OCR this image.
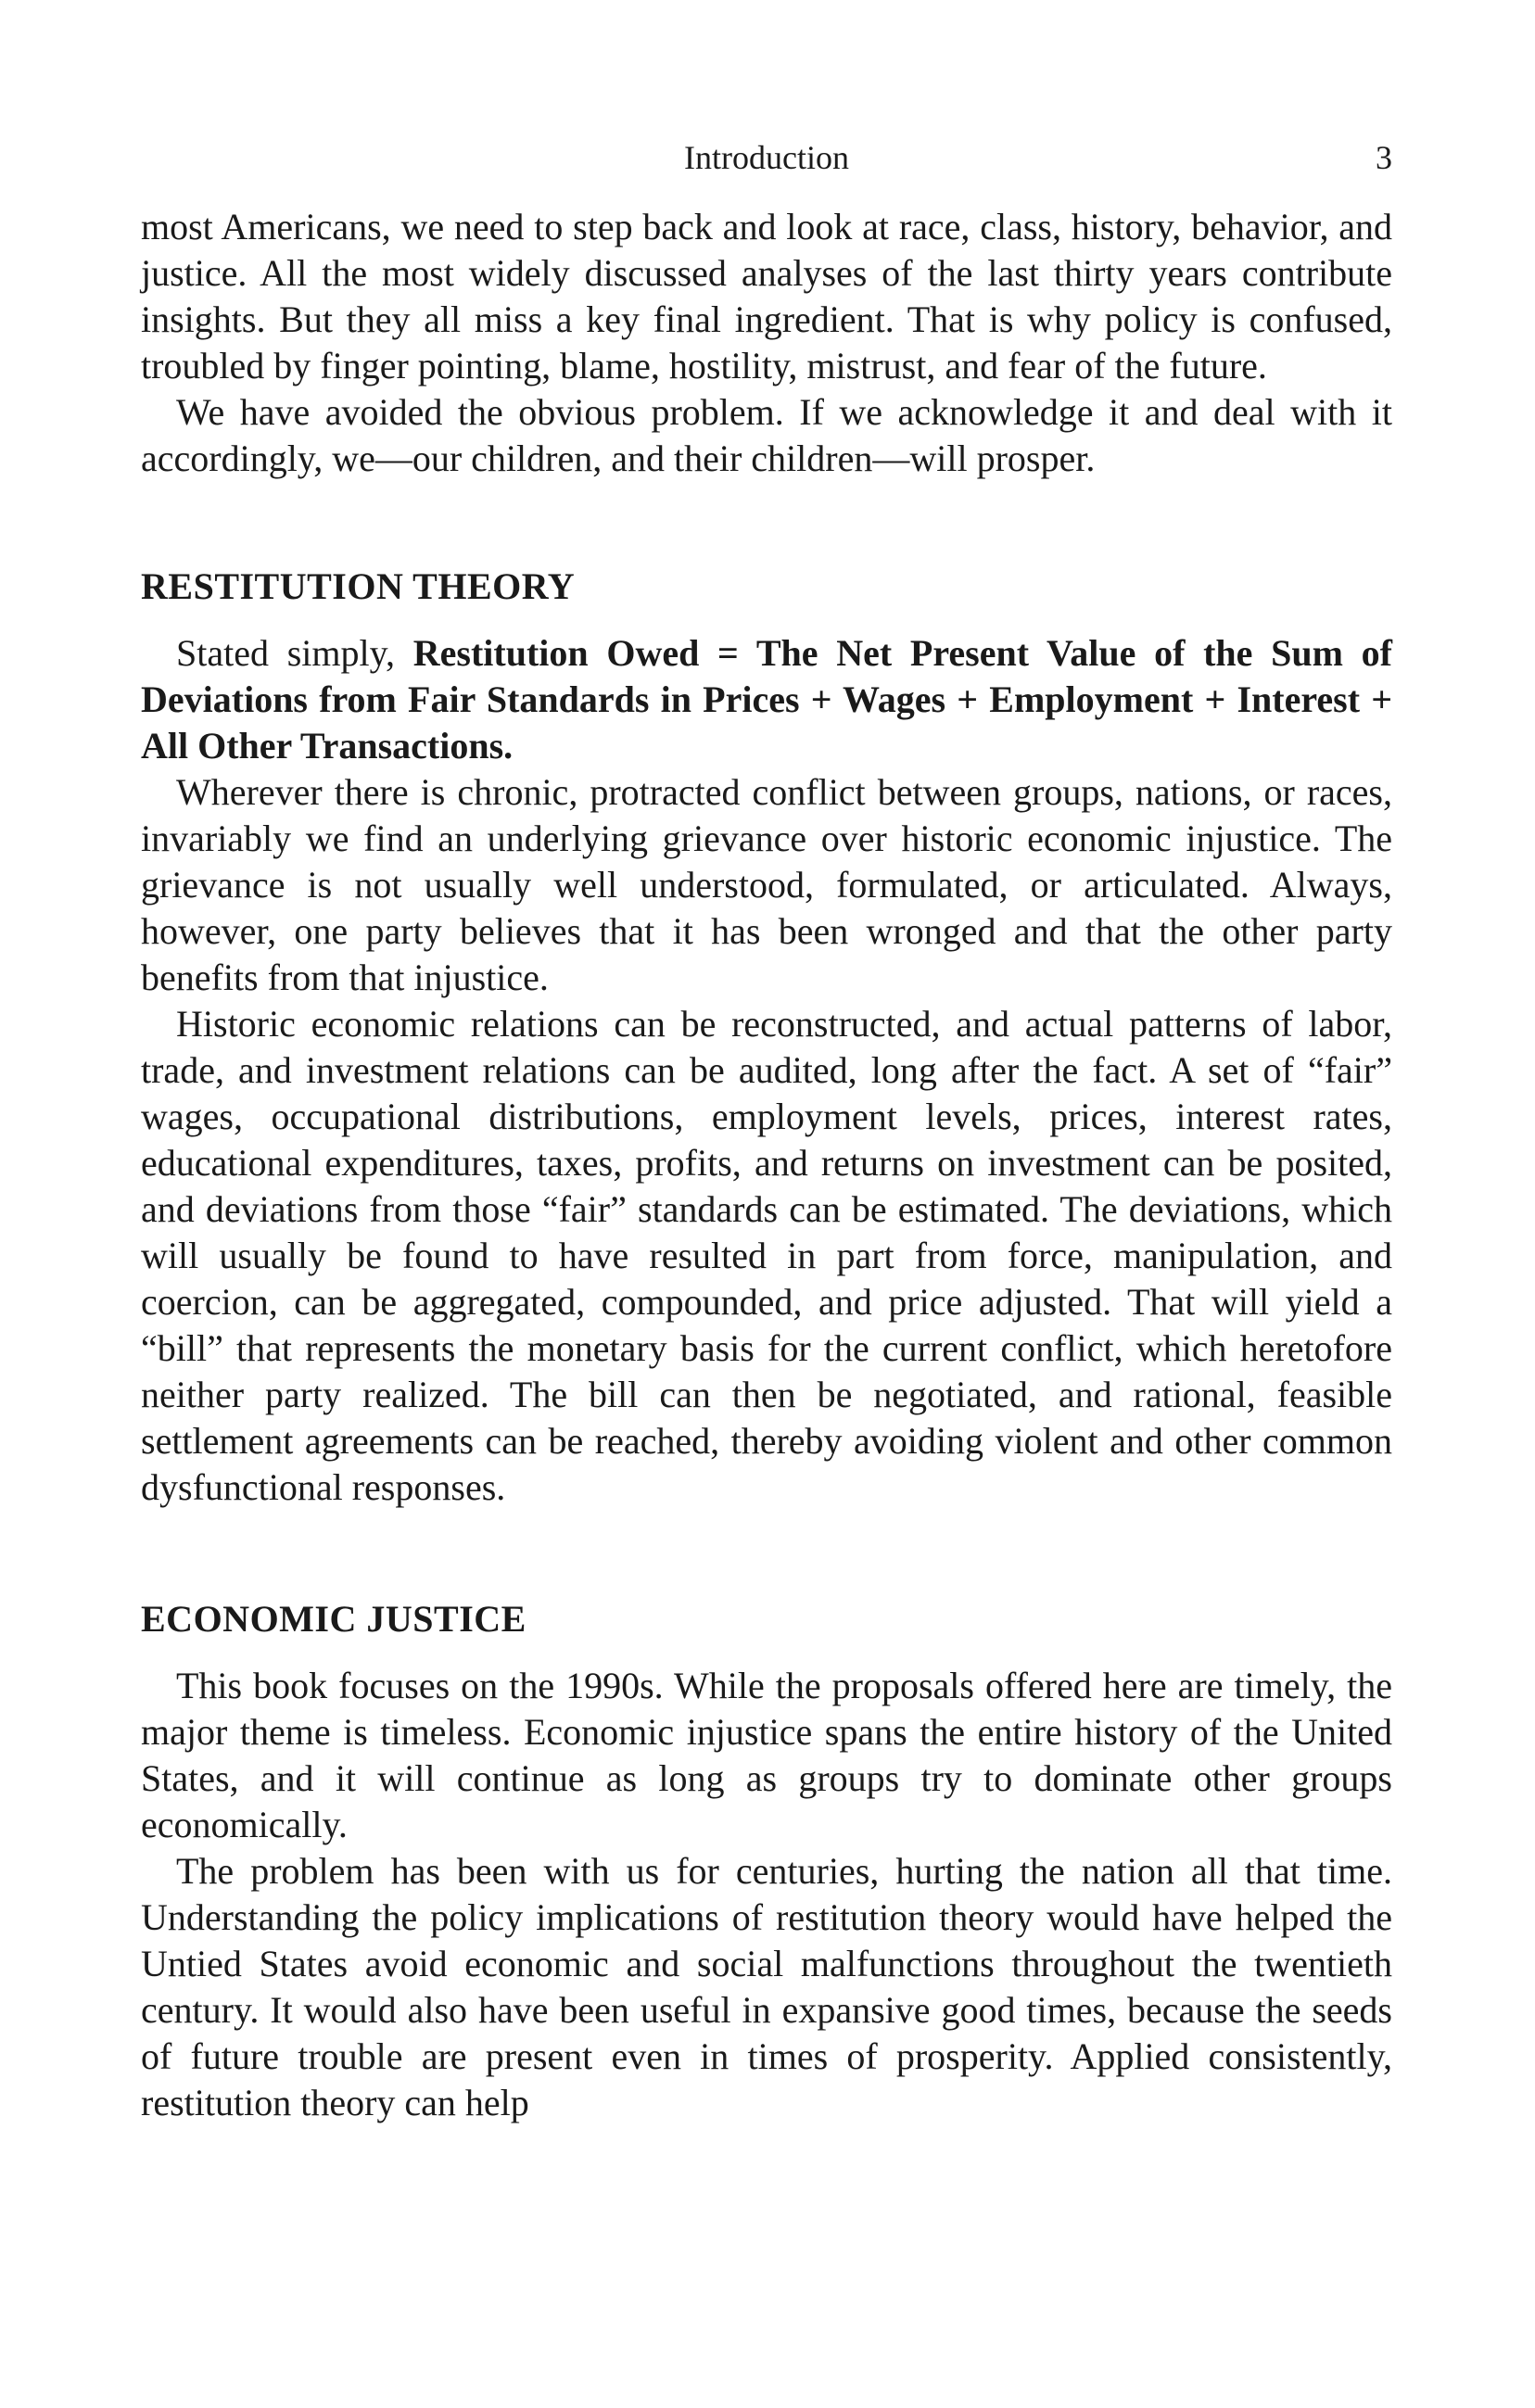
Introduction	3

most Americans, we need to step back and look at race, class, history, behavior, and justice. All the most widely discussed analyses of the last thirty years contribute insights. But they all miss a key final ingredient. That is why policy is confused, troubled by finger pointing, blame, hostility, mistrust, and fear of the future.

We have avoided the obvious problem. If we acknowledge it and deal with it accordingly, we—our children, and their children—will prosper.

RESTITUTION THEORY

Stated simply, Restitution Owed = The Net Present Value of the Sum of Deviations from Fair Standards in Prices + Wages + Employment + Interest + All Other Transactions.

Wherever there is chronic, protracted conflict between groups, nations, or races, invariably we find an underlying grievance over historic economic injustice. The grievance is not usually well understood, formulated, or articulated. Always, however, one party believes that it has been wronged and that the other party benefits from that injustice.

Historic economic relations can be reconstructed, and actual patterns of labor, trade, and investment relations can be audited, long after the fact. A set of “fair” wages, occupational distributions, employment levels, prices, interest rates, educational expenditures, taxes, profits, and returns on investment can be posited, and deviations from those “fair” standards can be estimated. The deviations, which will usually be found to have resulted in part from force, manipulation, and coercion, can be aggregated, compounded, and price adjusted. That will yield a “bill” that represents the monetary basis for the current conflict, which heretofore neither party realized. The bill can then be negotiated, and rational, feasible settlement agreements can be reached, thereby avoiding violent and other common dysfunctional responses.

ECONOMIC JUSTICE

This book focuses on the 1990s. While the proposals offered here are timely, the major theme is timeless. Economic injustice spans the entire history of the United States, and it will continue as long as groups try to dominate other groups economically.

The problem has been with us for centuries, hurting the nation all that time. Understanding the policy implications of restitution theory would have helped the Untied States avoid economic and social malfunctions throughout the twentieth century. It would also have been useful in expansive good times, because the seeds of future trouble are present even in times of prosperity. Applied consistently, restitution theory can help
